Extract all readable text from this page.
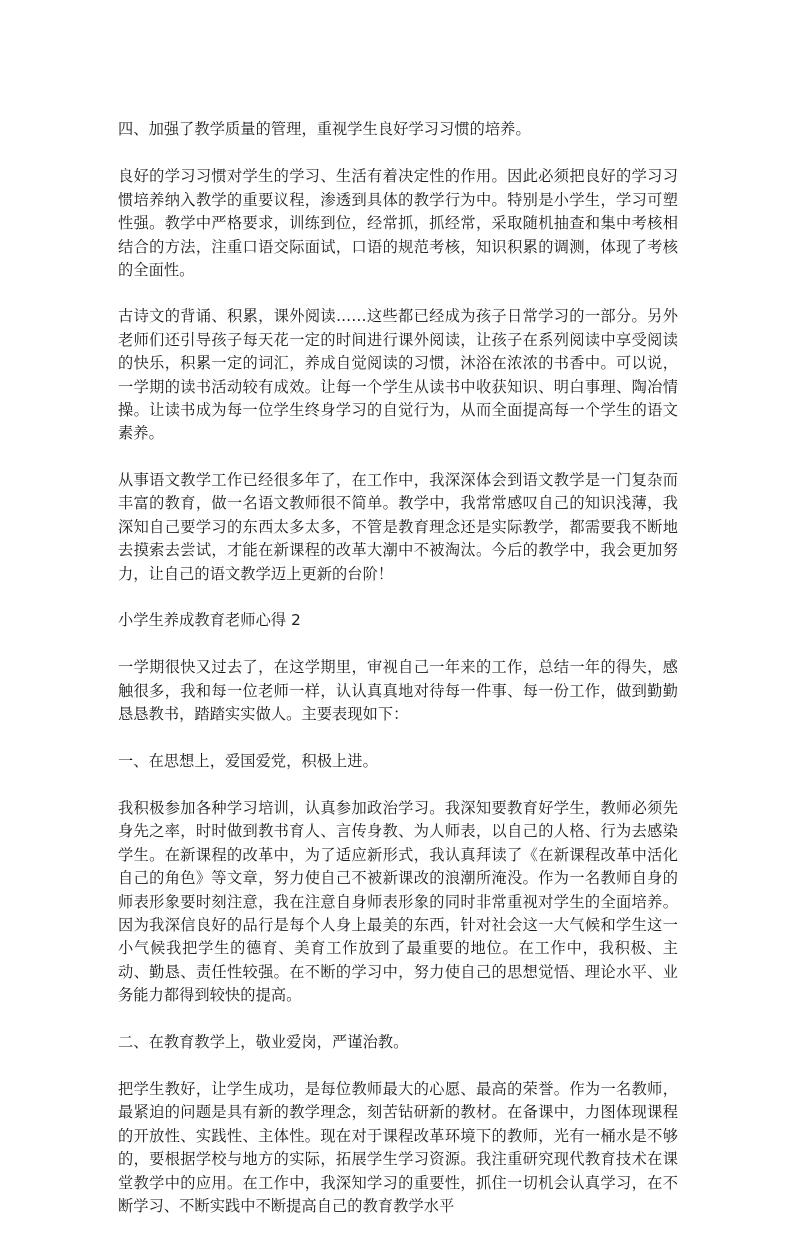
四、加强了教学质量的管理，重视学生良好学习习惯的培养。

良好的学习习惯对学生的学习、生活有着决定性的作用。因此必须把良好的学习习惯培养纳入教学的重要议程，渗透到具体的教学行为中。特别是小学生，学习可塑性强。教学中严格要求，训练到位，经常抓，抓经常，采取随机抽查和集中考核相结合的方法，注重口语交际面试，口语的规范考核，知识积累的调测，体现了考核的全面性。

古诗文的背诵、积累，课外阅读……这些都已经成为孩子日常学习的一部分。另外老师们还引导孩子每天花一定的时间进行课外阅读，让孩子在系列阅读中享受阅读的快乐，积累一定的词汇，养成自觉阅读的习惯，沐浴在浓浓的书香中。可以说，一学期的读书活动较有成效。让每一个学生从读书中收获知识、明白事理、陶冶情操。让读书成为每一位学生终身学习的自觉行为，从而全面提高每一个学生的语文素养。

从事语文教学工作已经很多年了，在工作中，我深深体会到语文教学是一门复杂而丰富的教育，做一名语文教师很不简单。教学中，我常常感叹自己的知识浅薄，我深知自己要学习的东西太多太多，不管是教育理念还是实际教学，都需要我不断地去摸索去尝试，才能在新课程的改革大潮中不被淘汰。今后的教学中，我会更加努力，让自己的语文教学迈上更新的台阶！

小学生养成教育老师心得 2

一学期很快又过去了，在这学期里，审视自己一年来的工作，总结一年的得失，感触很多，我和每一位老师一样，认认真真地对待每一件事、每一份工作，做到勤勤恳恳教书，踏踏实实做人。主要表现如下：

一、在思想上，爱国爱党，积极上进。

我积极参加各种学习培训，认真参加政治学习。我深知要教育好学生，教师必须先身先之率，时时做到教书育人、言传身教、为人师表，以自己的人格、行为去感染学生。在新课程的改革中，为了适应新形式，我认真拜读了《在新课程改革中活化自己的角色》等文章，努力使自己不被新课改的浪潮所淹没。作为一名教师自身的师表形象要时刻注意，我在注意自身师表形象的同时非常重视对学生的全面培养。因为我深信良好的品行是每个人身上最美的东西，针对社会这一大气候和学生这一小气候我把学生的德育、美育工作放到了最重要的地位。在工作中，我积极、主动、勤恳、责任性较强。在不断的学习中，努力使自己的思想觉悟、理论水平、业务能力都得到较快的提高。

二、在教育教学上，敬业爱岗，严谨治教。

把学生教好，让学生成功，是每位教师最大的心愿、最高的荣誉。作为一名教师，最紧迫的问题是具有新的教学理念，刻苦钻研新的教材。在备课中，力图体现课程的开放性、实践性、主体性。现在对于课程改革环境下的教师，光有一桶水是不够的，要根据学校与地方的实际，拓展学生学习资源。我注重研究现代教育技术在课堂教学中的应用。在工作中，我深知学习的重要性，抓住一切机会认真学习，在不断学习、不断实践中不断提高自己的教育教学水平
